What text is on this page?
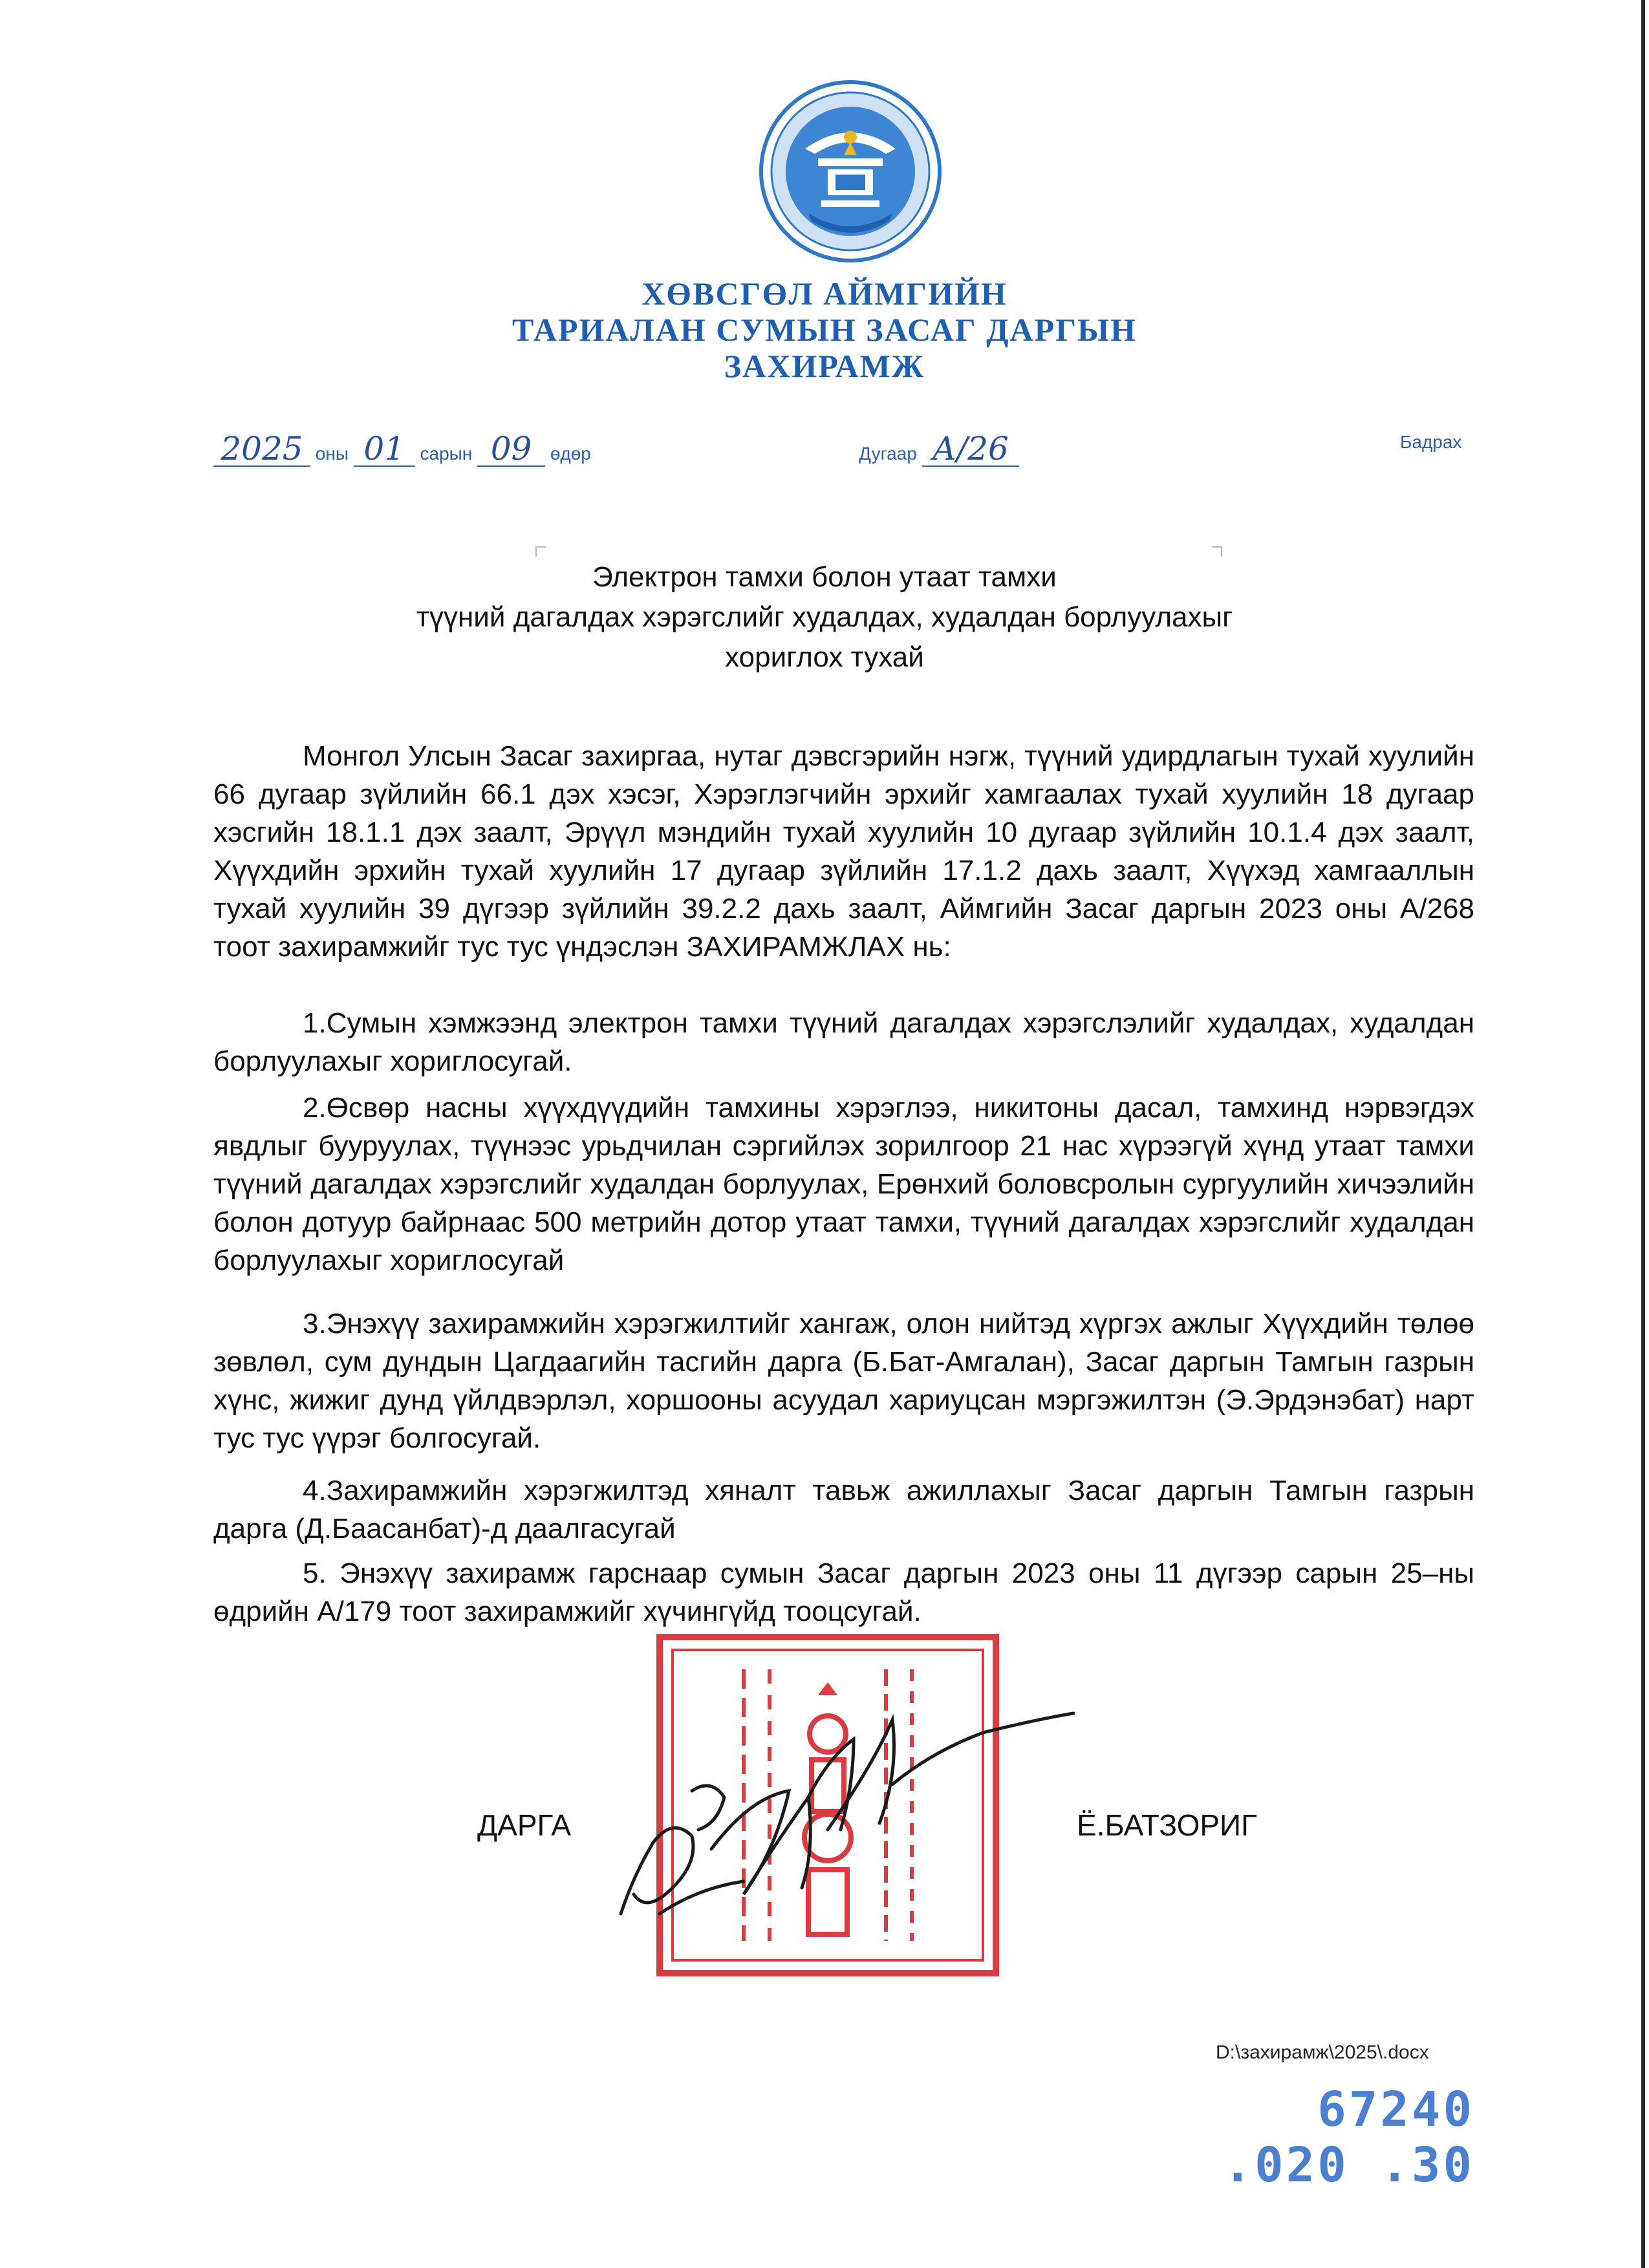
ХӨВСГӨЛ АЙМГИЙН
ТАРИАЛАН СУМЫН ЗАСАГ ДАРГЫН
ЗАХИРАМЖ
2025 оны 01 сарын 09 өдөр	Дугаар А/26	Бадрах
Электрон тамхи болон утаат тамхи
түүний дагалдах хэрэгслийг худалдах, худалдан борлуулахыг
хориглох тухай

Монгол Улсын Засаг захиргаа, нутаг дэвсгэрийн нэгж, түүний удирдлагын тухай хуулийн 66 дугаар зүйлийн 66.1 дэх хэсэг, Хэрэглэгчийн эрхийг хамгаалах тухай хуулийн 18 дугаар хэсгийн 18.1.1 дэх заалт, Эрүүл мэндийн тухай хуулийн 10 дугаар зүйлийн 10.1.4 дэх заалт, Хүүхдийн эрхийн тухай хуулийн 17 дугаар зүйлийн 17.1.2 дахь заалт, Хүүхэд хамгааллын тухай хуулийн 39 дүгээр зүйлийн 39.2.2 дахь заалт, Аймгийн Засаг даргын 2023 оны А/268 тоот захирамжийг тус тус үндэслэн ЗАХИРАМЖЛАХ нь:

1.Сумын хэмжээнд электрон тамхи түүний дагалдах хэрэгслэлийг худалдах, худалдан борлуулахыг хориглосугай.

2.Өсвөр насны хүүхдүүдийн тамхины хэрэглээ, никитоны дасал, тамхинд нэрвэгдэх явдлыг бууруулах, түүнээс урьдчилан сэргийлэх зорилгоор 21 нас хүрээгүй хүнд утаат тамхи түүний дагалдах хэрэгслийг худалдан борлуулах, Ерөнхий боловсролын сургуулийн хичээлийн болон дотуур байрнаас 500 метрийн дотор утаат тамхи, түүний дагалдах хэрэгслийг худалдан борлуулахыг хориглосугай

3.Энэхүү захирамжийн хэрэгжилтийг хангаж, олон нийтэд хүргэх ажлыг Хүүхдийн төлөө зөвлөл, сум дундын Цагдаагийн тасгийн дарга (Б.Бат-Амгалан), Засаг даргын Тамгын газрын хүнс, жижиг дунд үйлдвэрлэл, хоршооны асуудал хариуцсан мэргэжилтэн (Э.Эрдэнэбат) нарт тус тус үүрэг болгосугай.

4.Захирамжийн хэрэгжилтэд хяналт тавьж ажиллахыг Засаг даргын Тамгын газрын дарга (Д.Баасанбат)-д даалгасугай

5. Энэхүү захирамж гарснаар сумын Засаг даргын 2023 оны 11 дүгээр сарын 25–ны өдрийн А/179 тоот захирамжийг хүчингүйд тооцсугай.

ДАРГА	Ё.БАТЗОРИГ
D:\захирамж\2025\.docx
67240 .020 .30
